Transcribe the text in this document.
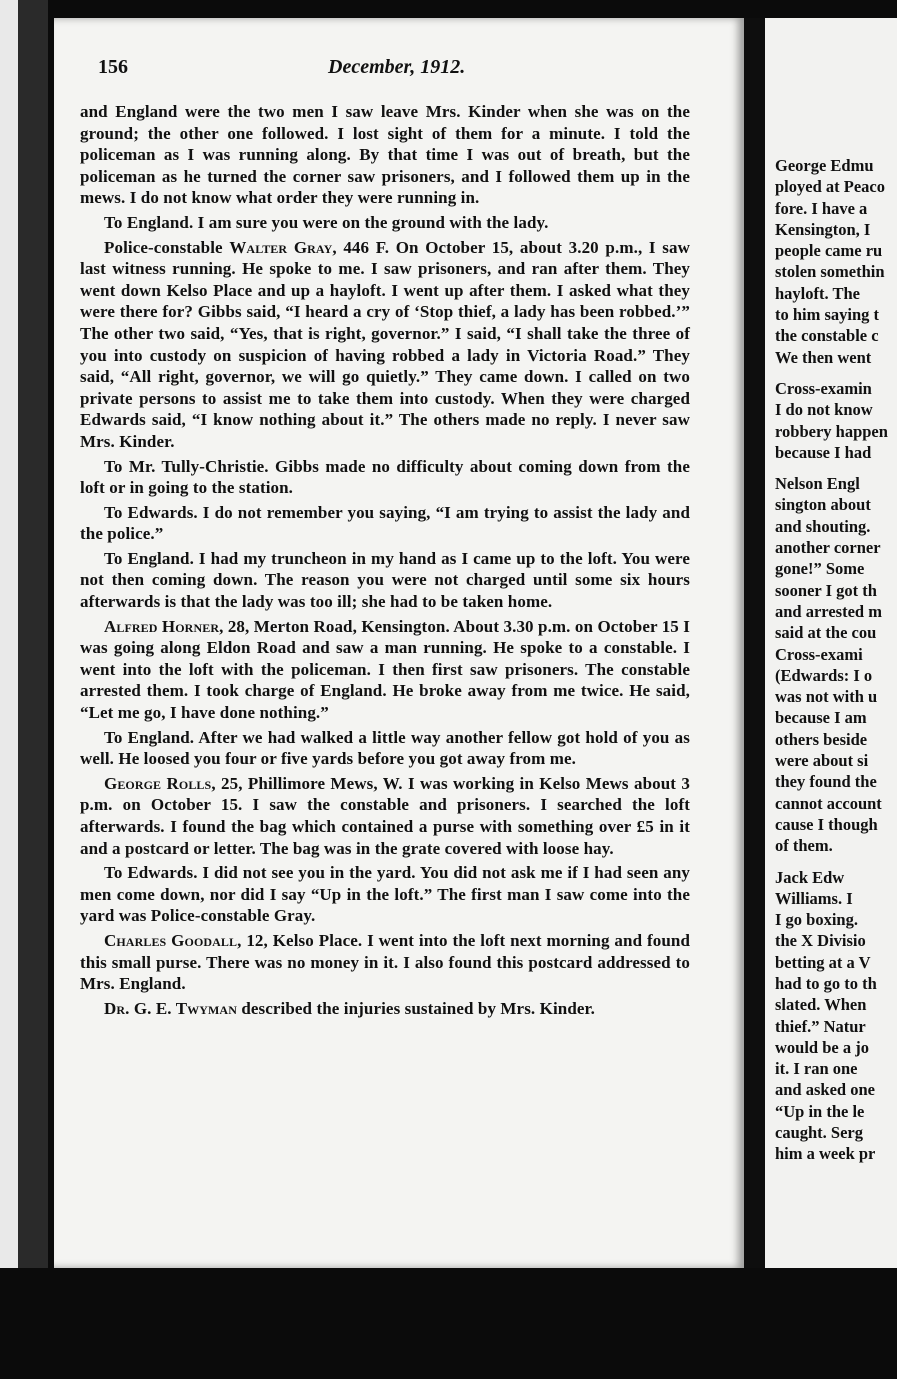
George Edmu
ployed at Peaco
fore. I have a
Kensington, I
people came ru
stolen somethin
hayloft. The
to him saying t
the constable c
We then went
Cross-examin
I do not know
robbery happen
because I had
Nelson Engl
sington about
and shouting.
another corner
gone!” Some
sooner I got th
and arrested m
said at the cou
Cross-exami
(Edwards: I o
was not with u
because I am
others beside
were about si
they found the
cannot account
cause I though
of them.
Jack Edw
Williams. I
I go boxing.
the X Divisio
betting at a V
had to go to th
slated. When
thief.” Natur
would be a jo
it. I ran one
and asked one
“Up in the le
caught. Serg
him a week pr
156	December, 1912.

and England were the two men I saw leave Mrs. Kinder when she was on the ground; the other one followed. I lost sight of them for a minute. I told the policeman as I was running along. By that time I was out of breath, but the policeman as he turned the corner saw prisoners, and I followed them up in the mews. I do not know what order they were running in.

To England. I am sure you were on the ground with the lady.

Police-constable Walter Gray, 446 F. On October 15, about 3.20 p.m., I saw last witness running. He spoke to me. I saw prisoners, and ran after them. They went down Kelso Place and up a hayloft. I went up after them. I asked what they were there for? Gibbs said, “I heard a cry of ‘Stop thief, a lady has been robbed.’” The other two said, “Yes, that is right, governor.” I said, “I shall take the three of you into custody on suspicion of having robbed a lady in Victoria Road.” They said, “All right, governor, we will go quietly.” They came down. I called on two private persons to assist me to take them into custody. When they were charged Edwards said, “I know nothing about it.” The others made no reply. I never saw Mrs. Kinder.

To Mr. Tully-Christie. Gibbs made no difficulty about coming down from the loft or in going to the station.

To Edwards. I do not remember you saying, “I am trying to assist the lady and the police.”

To England. I had my truncheon in my hand as I came up to the loft. You were not then coming down. The reason you were not charged until some six hours afterwards is that the lady was too ill; she had to be taken home.

Alfred Horner, 28, Merton Road, Kensington. About 3.30 p.m. on October 15 I was going along Eldon Road and saw a man running. He spoke to a constable. I went into the loft with the policeman. I then first saw prisoners. The constable arrested them. I took charge of England. He broke away from me twice. He said, “Let me go, I have done nothing.”

To England. After we had walked a little way another fellow got hold of you as well. He loosed you four or five yards before you got away from me.

George Rolls, 25, Phillimore Mews, W. I was working in Kelso Mews about 3 p.m. on October 15. I saw the constable and prisoners. I searched the loft afterwards. I found the bag which contained a purse with something over £5 in it and a postcard or letter. The bag was in the grate covered with loose hay.

To Edwards. I did not see you in the yard. You did not ask me if I had seen any men come down, nor did I say “Up in the loft.” The first man I saw come into the yard was Police-constable Gray.

Charles Goodall, 12, Kelso Place. I went into the loft next morning and found this small purse. There was no money in it. I also found this postcard addressed to Mrs. England.

Dr. G. E. Twyman described the injuries sustained by Mrs. Kinder.
